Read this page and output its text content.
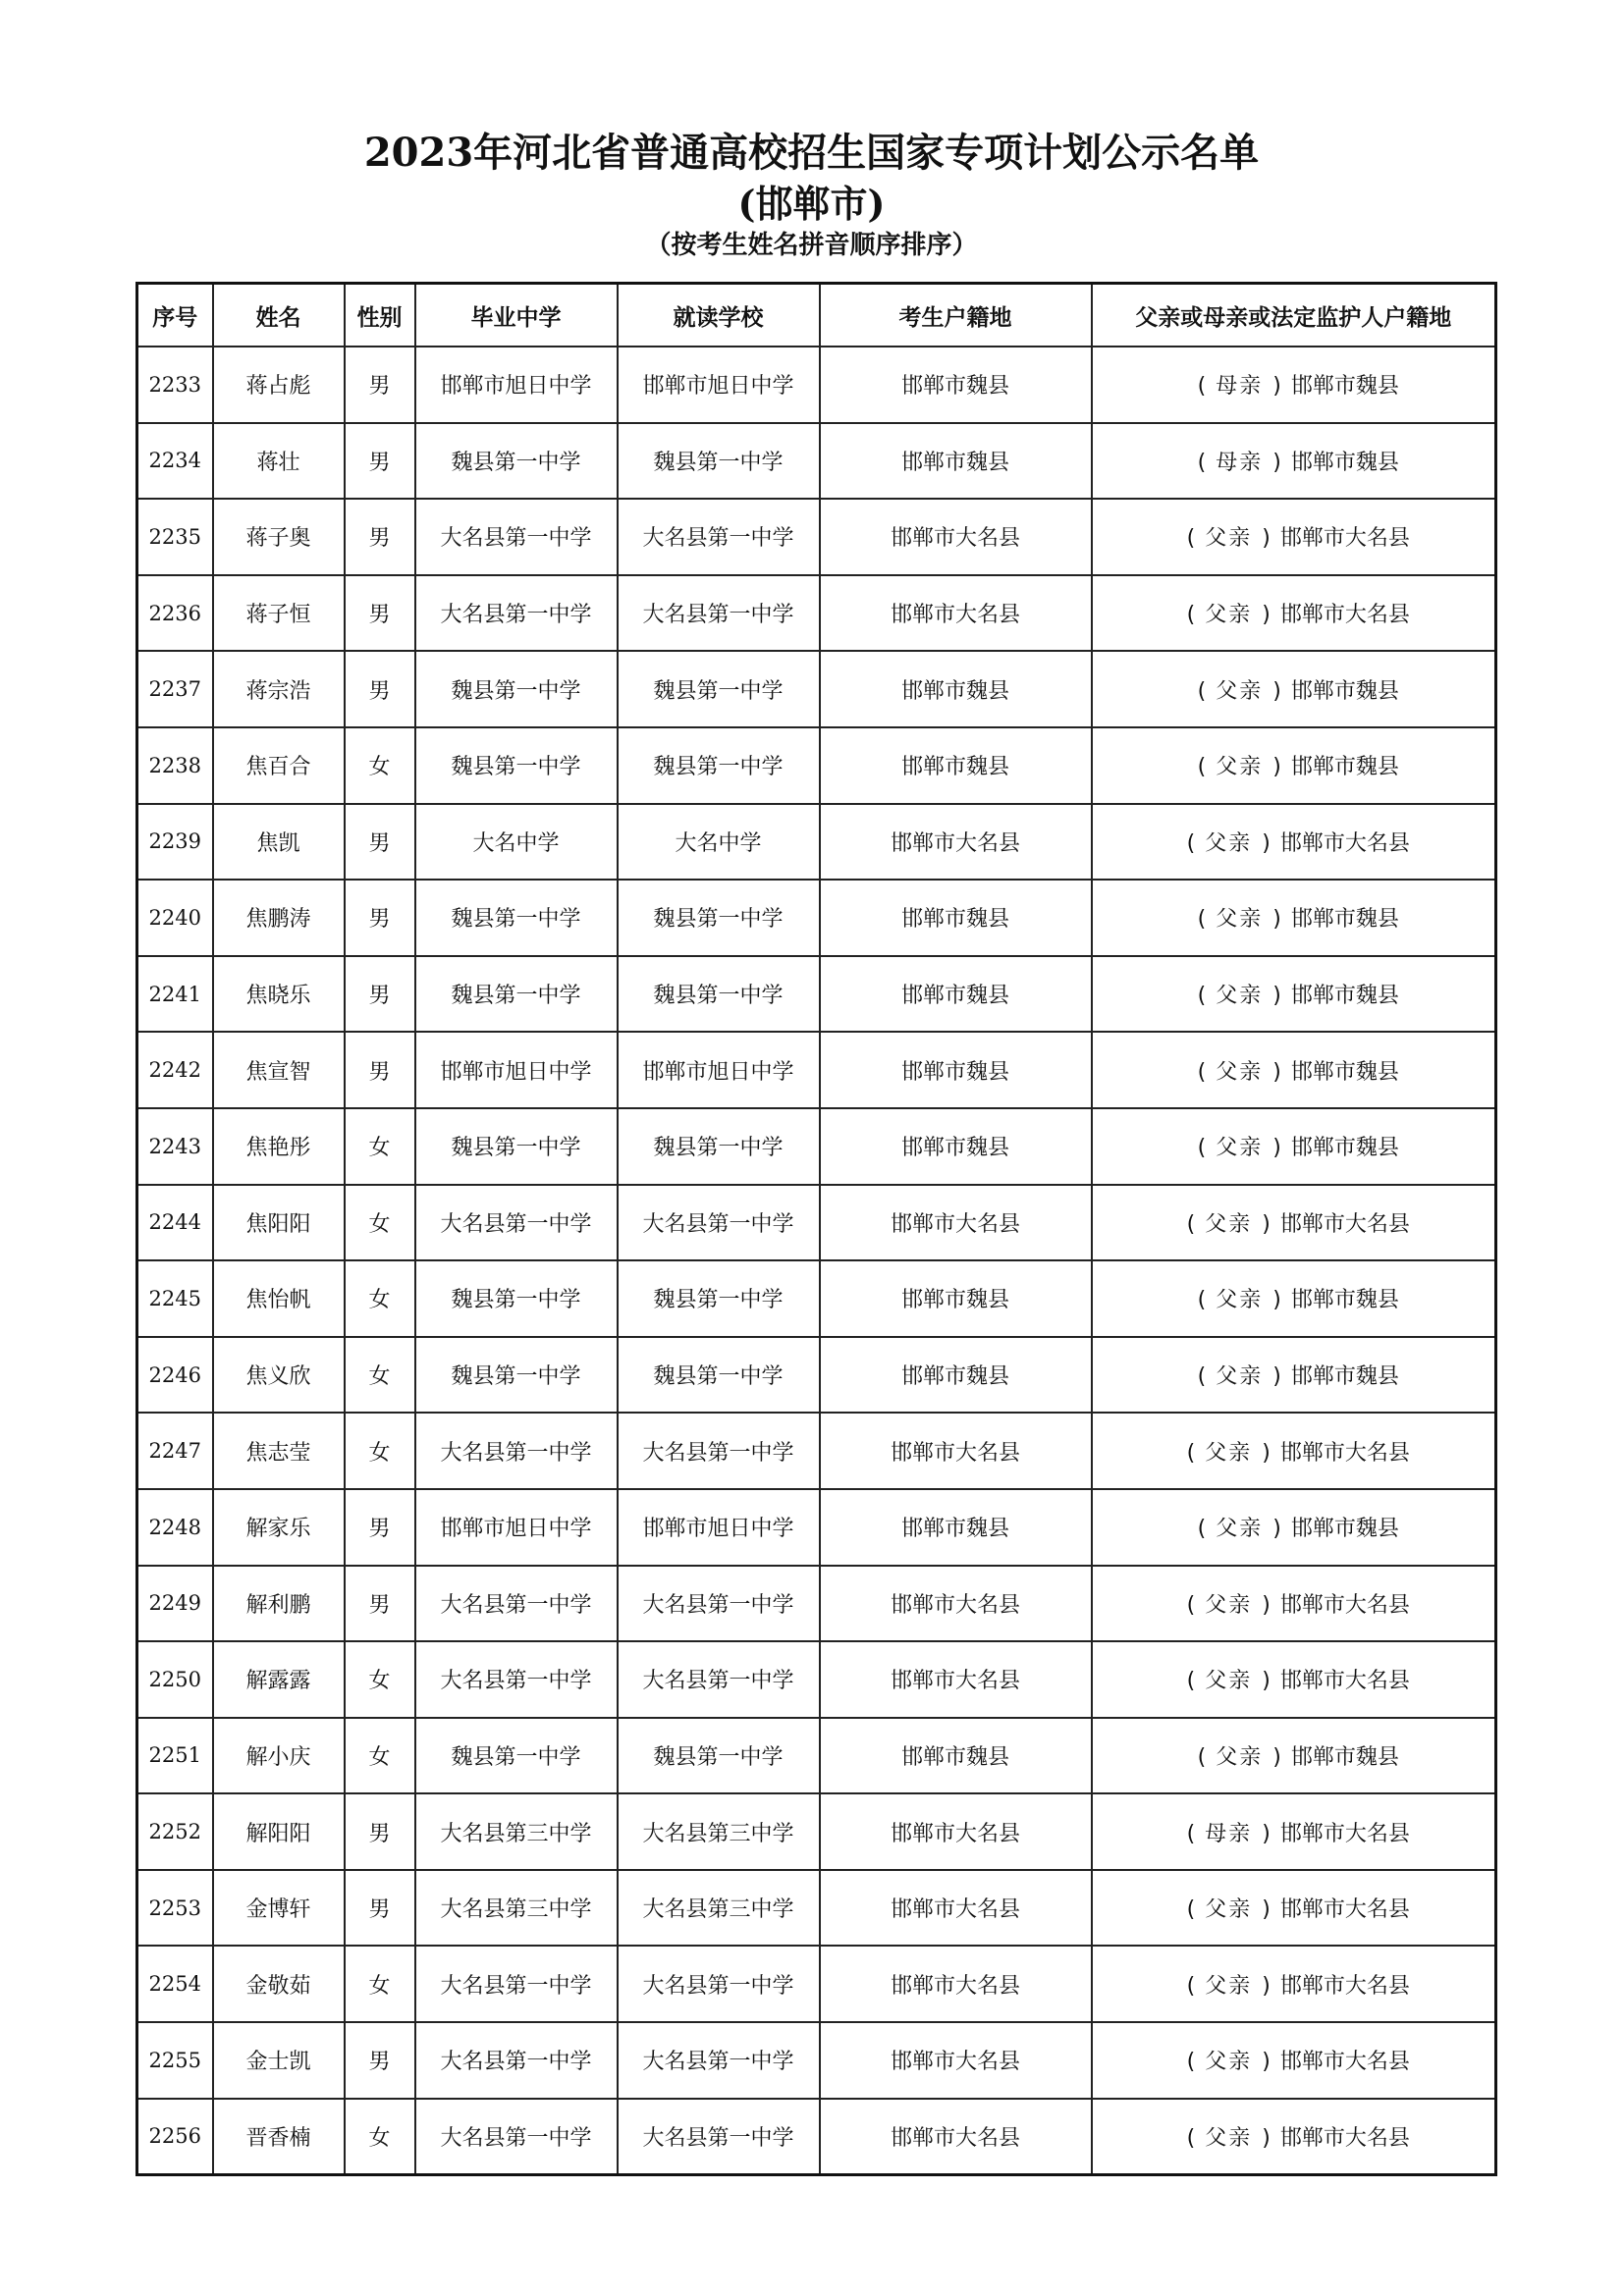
2023年河北省普通高校招生国家专项计划公示名单
(邯郸市)
（按考生姓名拼音顺序排序）
序号	姓名	性别	毕业中学	就读学校	考生户籍地	父亲或母亲或法定监护人户籍地
2233	蒋占彪	男	邯郸市旭日中学	邯郸市旭日中学	邯郸市魏县	( 母亲 ) 邯郸市魏县
2234	蒋壮	男	魏县第一中学	魏县第一中学	邯郸市魏县	( 母亲 ) 邯郸市魏县
2235	蒋子奥	男	大名县第一中学	大名县第一中学	邯郸市大名县	( 父亲 ) 邯郸市大名县
2236	蒋子恒	男	大名县第一中学	大名县第一中学	邯郸市大名县	( 父亲 ) 邯郸市大名县
2237	蒋宗浩	男	魏县第一中学	魏县第一中学	邯郸市魏县	( 父亲 ) 邯郸市魏县
2238	焦百合	女	魏县第一中学	魏县第一中学	邯郸市魏县	( 父亲 ) 邯郸市魏县
2239	焦凯	男	大名中学	大名中学	邯郸市大名县	( 父亲 ) 邯郸市大名县
2240	焦鹏涛	男	魏县第一中学	魏县第一中学	邯郸市魏县	( 父亲 ) 邯郸市魏县
2241	焦晓乐	男	魏县第一中学	魏县第一中学	邯郸市魏县	( 父亲 ) 邯郸市魏县
2242	焦宣智	男	邯郸市旭日中学	邯郸市旭日中学	邯郸市魏县	( 父亲 ) 邯郸市魏县
2243	焦艳彤	女	魏县第一中学	魏县第一中学	邯郸市魏县	( 父亲 ) 邯郸市魏县
2244	焦阳阳	女	大名县第一中学	大名县第一中学	邯郸市大名县	( 父亲 ) 邯郸市大名县
2245	焦怡帆	女	魏县第一中学	魏县第一中学	邯郸市魏县	( 父亲 ) 邯郸市魏县
2246	焦义欣	女	魏县第一中学	魏县第一中学	邯郸市魏县	( 父亲 ) 邯郸市魏县
2247	焦志莹	女	大名县第一中学	大名县第一中学	邯郸市大名县	( 父亲 ) 邯郸市大名县
2248	解家乐	男	邯郸市旭日中学	邯郸市旭日中学	邯郸市魏县	( 父亲 ) 邯郸市魏县
2249	解利鹏	男	大名县第一中学	大名县第一中学	邯郸市大名县	( 父亲 ) 邯郸市大名县
2250	解露露	女	大名县第一中学	大名县第一中学	邯郸市大名县	( 父亲 ) 邯郸市大名县
2251	解小庆	女	魏县第一中学	魏县第一中学	邯郸市魏县	( 父亲 ) 邯郸市魏县
2252	解阳阳	男	大名县第三中学	大名县第三中学	邯郸市大名县	( 母亲 ) 邯郸市大名县
2253	金博轩	男	大名县第三中学	大名县第三中学	邯郸市大名县	( 父亲 ) 邯郸市大名县
2254	金敬茹	女	大名县第一中学	大名县第一中学	邯郸市大名县	( 父亲 ) 邯郸市大名县
2255	金士凯	男	大名县第一中学	大名县第一中学	邯郸市大名县	( 父亲 ) 邯郸市大名县
2256	晋香楠	女	大名县第一中学	大名县第一中学	邯郸市大名县	( 父亲 ) 邯郸市大名县
